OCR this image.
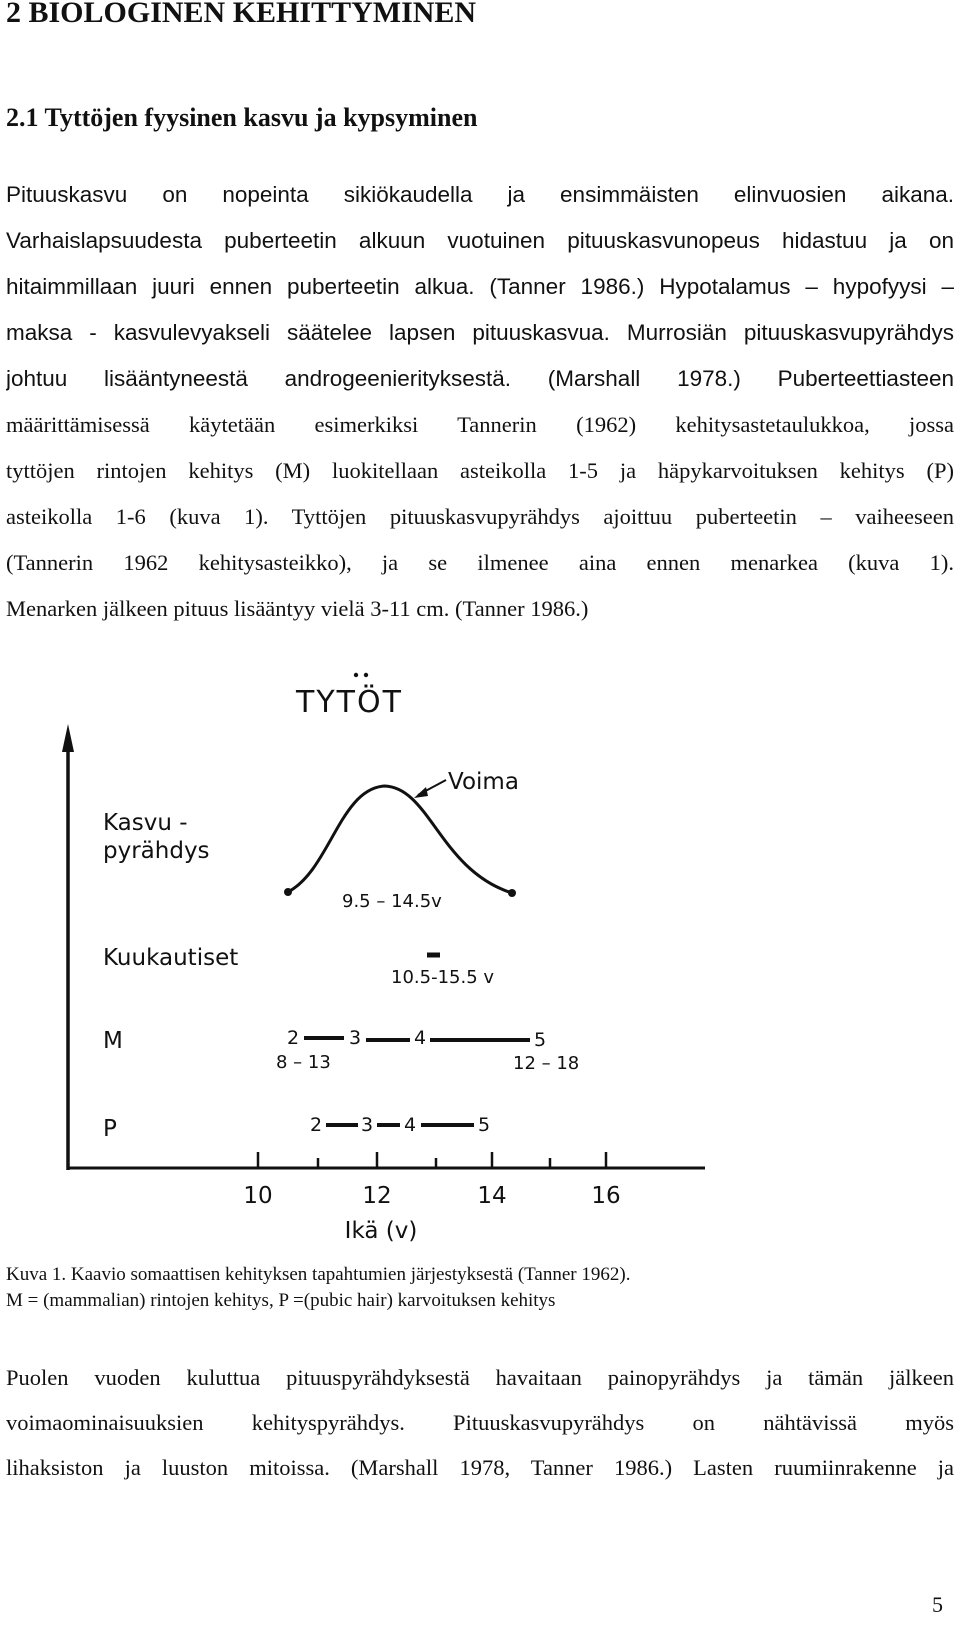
2 BIOLOGINEN KEHITTYMINEN
2.1 Tyttöjen fyysinen kasvu ja kypsyminen
Pituuskasvu on nopeinta sikiökaudella ja ensimmäisten elinvuosien aikana.
Varhaislapsuudesta puberteetin alkuun vuotuinen pituuskasvunopeus hidastuu ja on
hitaimmillaan juuri ennen puberteetin alkua. (Tanner 1986.) Hypotalamus – hypofyysi –
maksa - kasvulevyakseli säätelee lapsen pituuskasvua. Murrosiän pituuskasvupyrähdys
johtuu lisääntyneestä androgeenierityksestä. (Marshall 1978.) Puberteettiasteen
määrittämisessä käytetään esimerkiksi Tannerin (1962) kehitysastetaulukkoa, jossa
tyttöjen rintojen kehitys (M) luokitellaan asteikolla 1-5 ja häpykarvoituksen kehitys (P)
asteikolla 1-6 (kuva 1). Tyttöjen pituuskasvupyrähdys ajoittuu puberteetin – vaiheeseen
(Tannerin 1962 kehitysasteikko), ja se ilmenee aina ennen menarkea (kuva 1).
Menarken jälkeen pituus lisääntyy vielä 3-11 cm. (Tanner 1986.)
TYTÖT
10	12	14	16
Ikä (v)
Kasvu -
pyrähdys
Voima
9.5 – 14.5v
Kuukautiset
10.5-15.5 v
M	2	3	4	5
8 – 13	12 – 18
P	2 3 4	5
Kuva 1. Kaavio somaattisen kehityksen tapahtumien järjestyksestä (Tanner 1962).
M = (mammalian) rintojen kehitys, P =(pubic hair) karvoituksen kehitys
Puolen vuoden kuluttua pituuspyrähdyksestä havaitaan painopyrähdys ja tämän jälkeen
voimaominaisuuksien kehityspyrähdys. Pituuskasvupyrähdys on nähtävissä myös
lihaksiston ja luuston mitoissa. (Marshall 1978, Tanner 1986.) Lasten ruumiinrakenne ja
5
